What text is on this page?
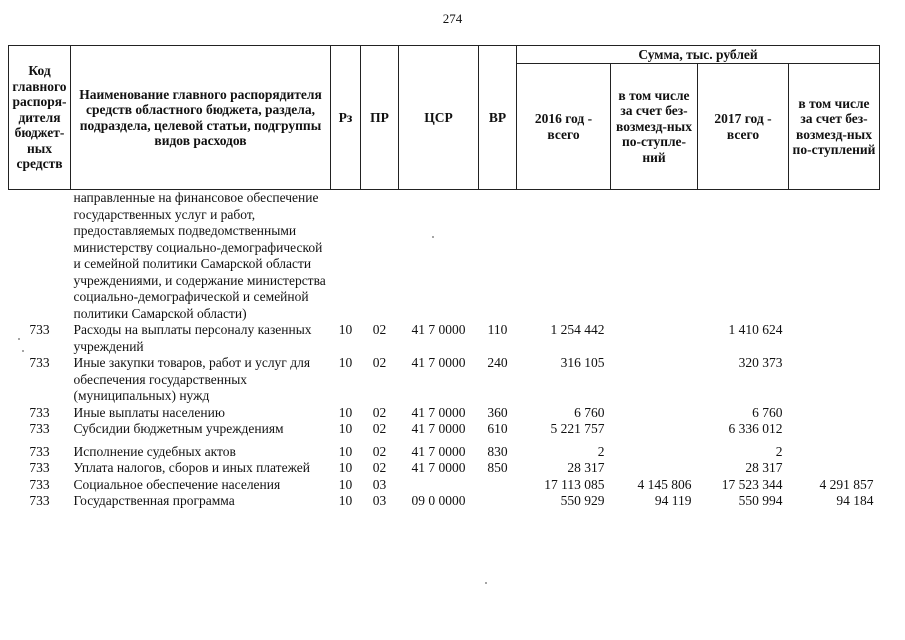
274
Код главного распоря-дителя бюджет-ных средств	Наименование главного распорядителя средств областного бюджета, раздела, подраздела, целевой статьи, подгруппы видов расходов	Рз	ПР	ЦСР	ВР	Сумма, тыс. рублей			
						2016 год - всего	в том числе за счет без-возмезд-ных по-ступле-ний	2017 год - всего	в том числе за счет без-возмезд-ных по-ступлений
	направленные на финансовое обеспечение государственных услуг и работ, предоставляемых подведомственными министерству социально-демографической и семейной политики Самарской области учреждениями, и содержание министерства социально-демографической и семейной политики Самарской области)								
733	Расходы на выплаты персоналу казенных учреждений	10	02	41 7 0000	110	1 254 442		1 410 624	
733	Иные закупки товаров, работ и услуг для обеспечения государственных (муниципальных) нужд	10	02	41 7 0000	240	316 105		320 373	
733	Иные выплаты населению	10	02	41 7 0000	360	6 760		6 760	
733	Субсидии бюджетным учреждениям	10	02	41 7 0000	610	5 221 757		6 336 012	
733	Исполнение судебных актов	10	02	41 7 0000	830	2		2	
733	Уплата налогов, сборов и иных платежей	10	02	41 7 0000	850	28 317		28 317	
733	Социальное обеспечение населения	10	03			17 113 085	4 145 806	17 523 344	4 291 857
733	Государственная программа	10	03	09 0 0000		550 929	94 119	550 994	94 184
